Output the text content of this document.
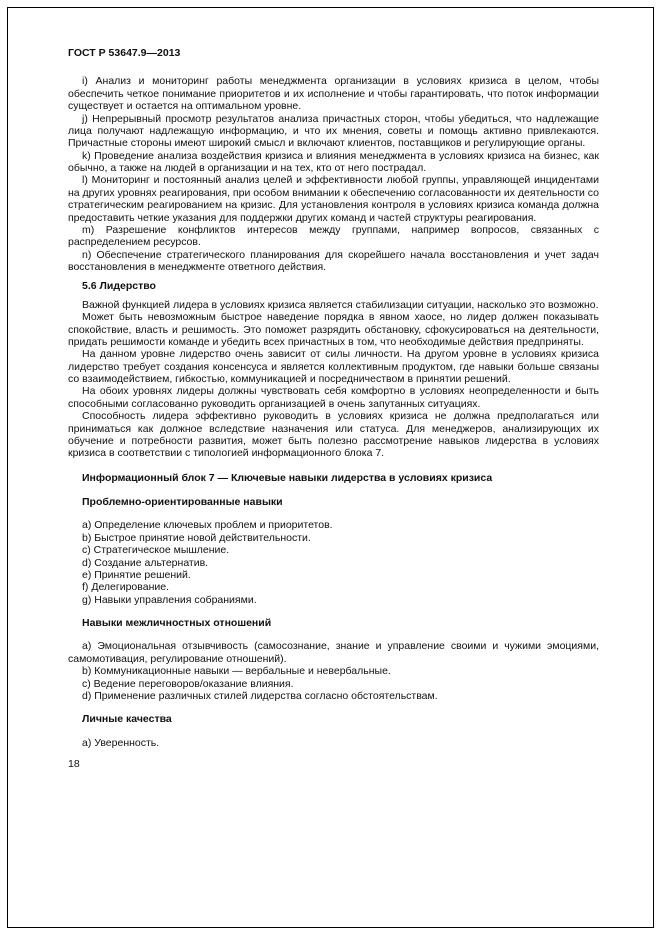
ГОСТ Р 53647.9—2013

i) Анализ и мониторинг работы менеджмента организации в условиях кризиса в целом, чтобы обеспечить четкое понимание приоритетов и их исполнение и чтобы гарантировать, что поток информации существует и остается на оптимальном уровне.

j) Непрерывный просмотр результатов анализа причастных сторон, чтобы убедиться, что надлежащие лица получают надлежащую информацию, и что их мнения, советы и помощь активно привлекаются. Причастные стороны имеют широкий смысл и включают клиентов, поставщиков и регулирующие органы.

k) Проведение анализа воздействия кризиса и влияния менеджмента в условиях кризиса на бизнес, как обычно, а также на людей в организации и на тех, кто от него пострадал.

l) Мониторинг и постоянный анализ целей и эффективности любой группы, управляющей инцидентами на других уровнях реагирования, при особом внимании к обеспечению согласованности их деятельности со стратегическим реагированием на кризис. Для установления контроля в условиях кризиса команда должна предоставить четкие указания для поддержки других команд и частей структуры реагирования.

m) Разрешение конфликтов интересов между группами, например вопросов, связанных с распределением ресурсов.

n) Обеспечение стратегического планирования для скорейшего начала восстановления и учет задач восстановления в менеджменте ответного действия.

5.6 Лидерство

Важной функцией лидера в условиях кризиса является стабилизации ситуации, насколько это возможно.

Может быть невозможным быстрое наведение порядка в явном хаосе, но лидер должен показывать спокойствие, власть и решимость. Это поможет разрядить обстановку, сфокусироваться на деятельности, придать решимости команде и убедить всех причастных в том, что необходимые действия предприняты.

На данном уровне лидерство очень зависит от силы личности. На другом уровне в условиях кризиса лидерство требует создания консенсуса и является коллективным продуктом, где навыки больше связаны со взаимодействием, гибкостью, коммуникацией и посредничеством в принятии решений.

На обоих уровнях лидеры должны чувствовать себя комфортно в условиях неопределенности и быть способными согласованно руководить организацией в очень запутанных ситуациях.

Способность лидера эффективно руководить в условиях кризиса не должна предполагаться или приниматься как должное вследствие назначения или статуса. Для менеджеров, анализирующих их обучение и потребности развития, может быть полезно рассмотрение навыков лидерства в условиях кризиса в соответствии с типологией информационного блока 7.

Информационный блок 7 — Ключевые навыки лидерства в условиях кризиса

Проблемно-ориентированные навыки

a) Определение ключевых проблем и приоритетов.

b) Быстрое принятие новой действительности.

c) Стратегическое мышление.

d) Создание альтернатив.

e) Принятие решений.

f) Делегирование.

g) Навыки управления собраниями.

Навыки межличностных отношений

a) Эмоциональная отзывчивость (самосознание, знание и управление своими и чужими эмоциями, самомотивация, регулирование отношений).

b) Коммуникационные навыки — вербальные и невербальные.

c) Ведение переговоров/оказание влияния.

d) Применение различных стилей лидерства согласно обстоятельствам.

Личные качества

a) Уверенность.

18
